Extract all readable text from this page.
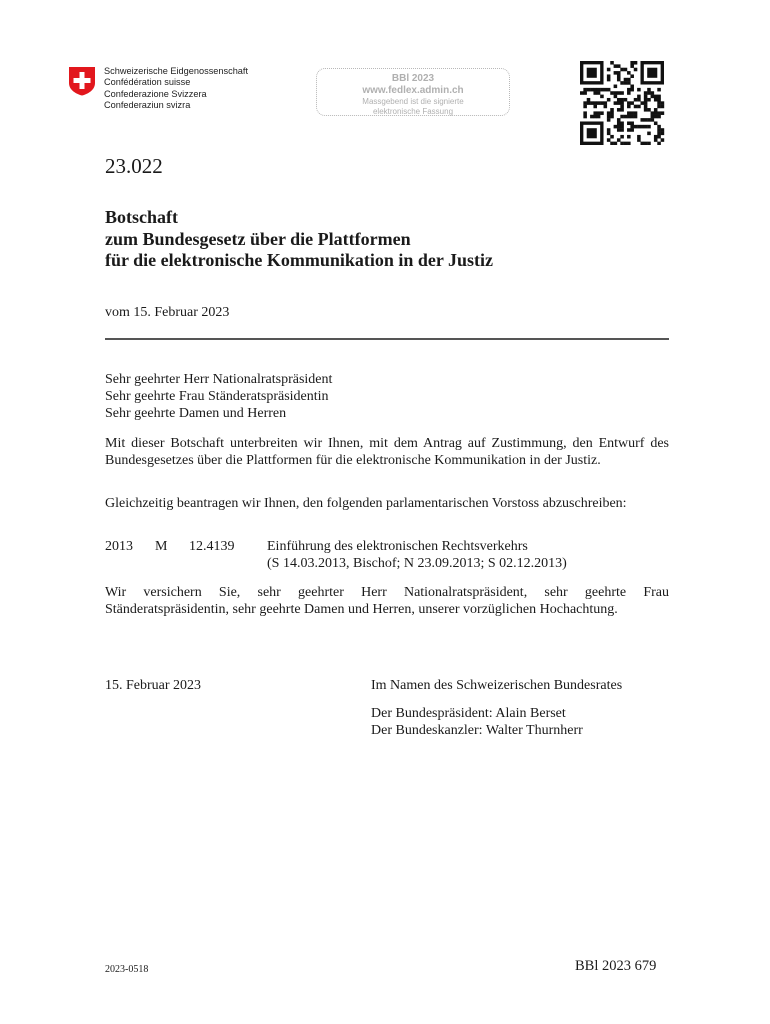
Schweizerische Eidgenossenschaft
Confédération suisse
Confederazione Svizzera
Confederaziun svizra
BBl 2023
www.fedlex.admin.ch
Massgebend ist die signierte
elektronische Fassung
23.022
Botschaft
zum Bundesgesetz über die Plattformen
für die elektronische Kommunikation in der Justiz
vom 15. Februar 2023
Sehr geehrter Herr Nationalratspräsident
Sehr geehrte Frau Ständeratspräsidentin
Sehr geehrte Damen und Herren
Mit dieser Botschaft unterbreiten wir Ihnen, mit dem Antrag auf Zustimmung, den Entwurf des Bundesgesetzes über die Plattformen für die elektronische Kommunikation in der Justiz.
Gleichzeitig beantragen wir Ihnen, den folgenden parlamentarischen Vorstoss abzuschreiben:
2013 M 12.4139 Einführung des elektronischen Rechtsverkehrs
(S 14.03.2013, Bischof; N 23.09.2013; S 02.12.2013)
Wir versichern Sie, sehr geehrter Herr Nationalratspräsident, sehr geehrte Frau Ständeratspräsidentin, sehr geehrte Damen und Herren, unserer vorzüglichen Hochachtung.
15. Februar 2023	Im Namen des Schweizerischen Bundesrates
Der Bundespräsident: Alain Berset
Der Bundeskanzler: Walter Thurnherr
2023-0518	BBl 2023 679
